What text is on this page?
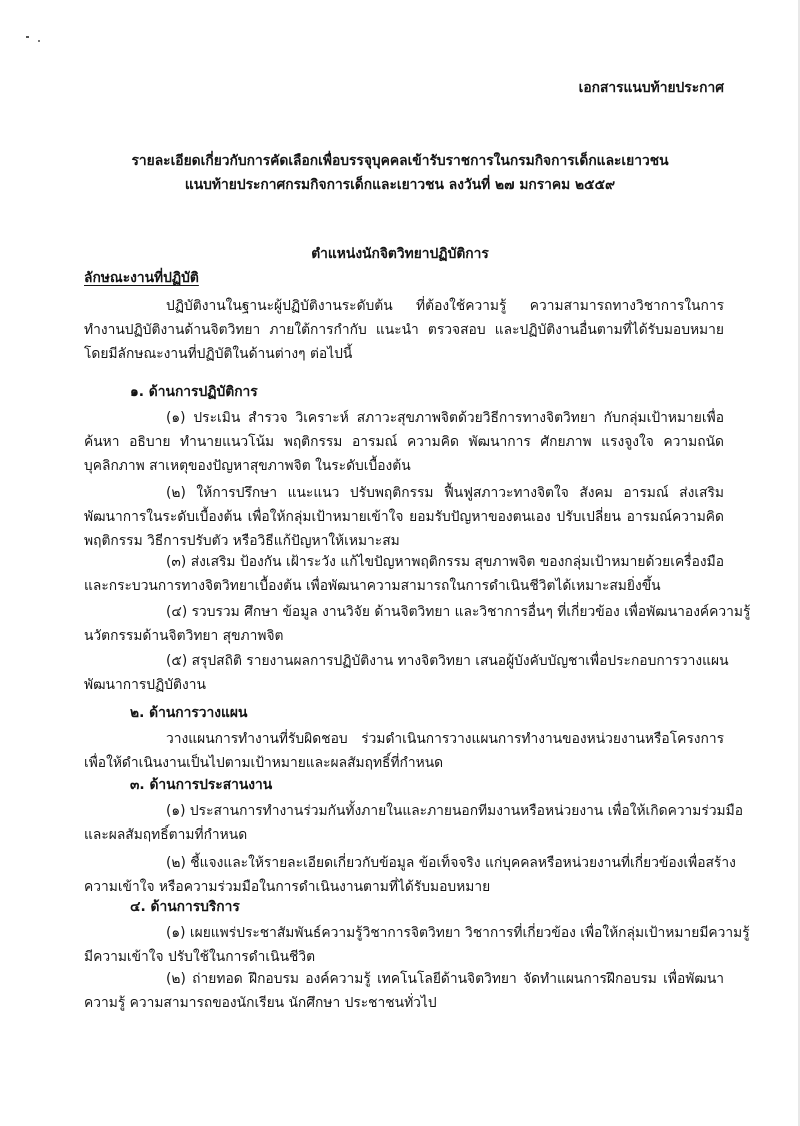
เอกสารแนบท้ายประกาศ
รายละเอียดเกี่ยวกับการคัดเลือกเพื่อบรรจุบุคคลเข้ารับราชการในกรมกิจการเด็กและเยาวชน
แนบท้ายประกาศกรมกิจการเด็กและเยาวชน ลงวันที่ ๒๗ มกราคม ๒๕๕๙
ตำแหน่งนักจิตวิทยาปฏิบัติการ
ลักษณะงานที่ปฏิบัติ
ปฏิบัติงานในฐานะผู้ปฏิบัติงานระดับต้น ที่ต้องใช้ความรู้ ความสามารถทางวิชาการในการ
ทำงานปฏิบัติงานด้านจิตวิทยา ภายใต้การกำกับ แนะนำ ตรวจสอบ และปฏิบัติงานอื่นตามที่ได้รับมอบหมาย
โดยมีลักษณะงานที่ปฏิบัติในด้านต่างๆ ต่อไปนี้
๑. ด้านการปฏิบัติการ
(๑) ประเมิน สำรวจ วิเคราะห์ สภาวะสุขภาพจิตด้วยวิธีการทางจิตวิทยา กับกลุ่มเป้าหมายเพื่อ
ค้นหา อธิบาย ทำนายแนวโน้ม พฤติกรรม อารมณ์ ความคิด พัฒนาการ ศักยภาพ แรงจูงใจ ความถนัด
บุคลิกภาพ สาเหตุของปัญหาสุขภาพจิต ในระดับเบื้องต้น
(๒) ให้การปรึกษา แนะแนว ปรับพฤติกรรม ฟื้นฟูสภาวะทางจิตใจ สังคม อารมณ์ ส่งเสริม
พัฒนาการในระดับเบื้องต้น เพื่อให้กลุ่มเป้าหมายเข้าใจ ยอมรับปัญหาของตนเอง ปรับเปลี่ยน อารมณ์ความคิด
พฤติกรรม วิธีการปรับตัว หรือวิธีแก้ปัญหาให้เหมาะสม
(๓) ส่งเสริม ป้องกัน เฝ้าระวัง แก้ไขปัญหาพฤติกรรม สุขภาพจิต ของกลุ่มเป้าหมายด้วยเครื่องมือ
และกระบวนการทางจิตวิทยาเบื้องต้น เพื่อพัฒนาความสามารถในการดำเนินชีวิตได้เหมาะสมยิ่งขึ้น
(๔) รวบรวม ศึกษา ข้อมูล งานวิจัย ด้านจิตวิทยา และวิชาการอื่นๆ ที่เกี่ยวข้อง เพื่อพัฒนาองค์ความรู้
นวัตกรรมด้านจิตวิทยา สุขภาพจิต
(๕) สรุปสถิติ รายงานผลการปฏิบัติงาน ทางจิตวิทยา เสนอผู้บังคับบัญชาเพื่อประกอบการวางแผน
พัฒนาการปฏิบัติงาน
๒. ด้านการวางแผน
วางแผนการทำงานที่รับผิดชอบ ร่วมดำเนินการวางแผนการทำงานของหน่วยงานหรือโครงการ
เพื่อให้ดำเนินงานเป็นไปตามเป้าหมายและผลสัมฤทธิ์ที่กำหนด
๓. ด้านการประสานงาน
(๑) ประสานการทำงานร่วมกันทั้งภายในและภายนอกทีมงานหรือหน่วยงาน เพื่อให้เกิดความร่วมมือ
และผลสัมฤทธิ์ตามที่กำหนด
(๒) ชี้แจงและให้รายละเอียดเกี่ยวกับข้อมูล ข้อเท็จจริง แก่บุคคลหรือหน่วยงานที่เกี่ยวข้องเพื่อสร้าง
ความเข้าใจ หรือความร่วมมือในการดำเนินงานตามที่ได้รับมอบหมาย
๔. ด้านการบริการ
(๑) เผยแพร่ประชาสัมพันธ์ความรู้วิชาการจิตวิทยา วิชาการที่เกี่ยวข้อง เพื่อให้กลุ่มเป้าหมายมีความรู้
มีความเข้าใจ ปรับใช้ในการดำเนินชีวิต
(๒) ถ่ายทอด ฝึกอบรม องค์ความรู้ เทคโนโลยีด้านจิตวิทยา จัดทำแผนการฝึกอบรม เพื่อพัฒนา
ความรู้ ความสามารถของนักเรียน นักศึกษา ประชาชนทั่วไป
